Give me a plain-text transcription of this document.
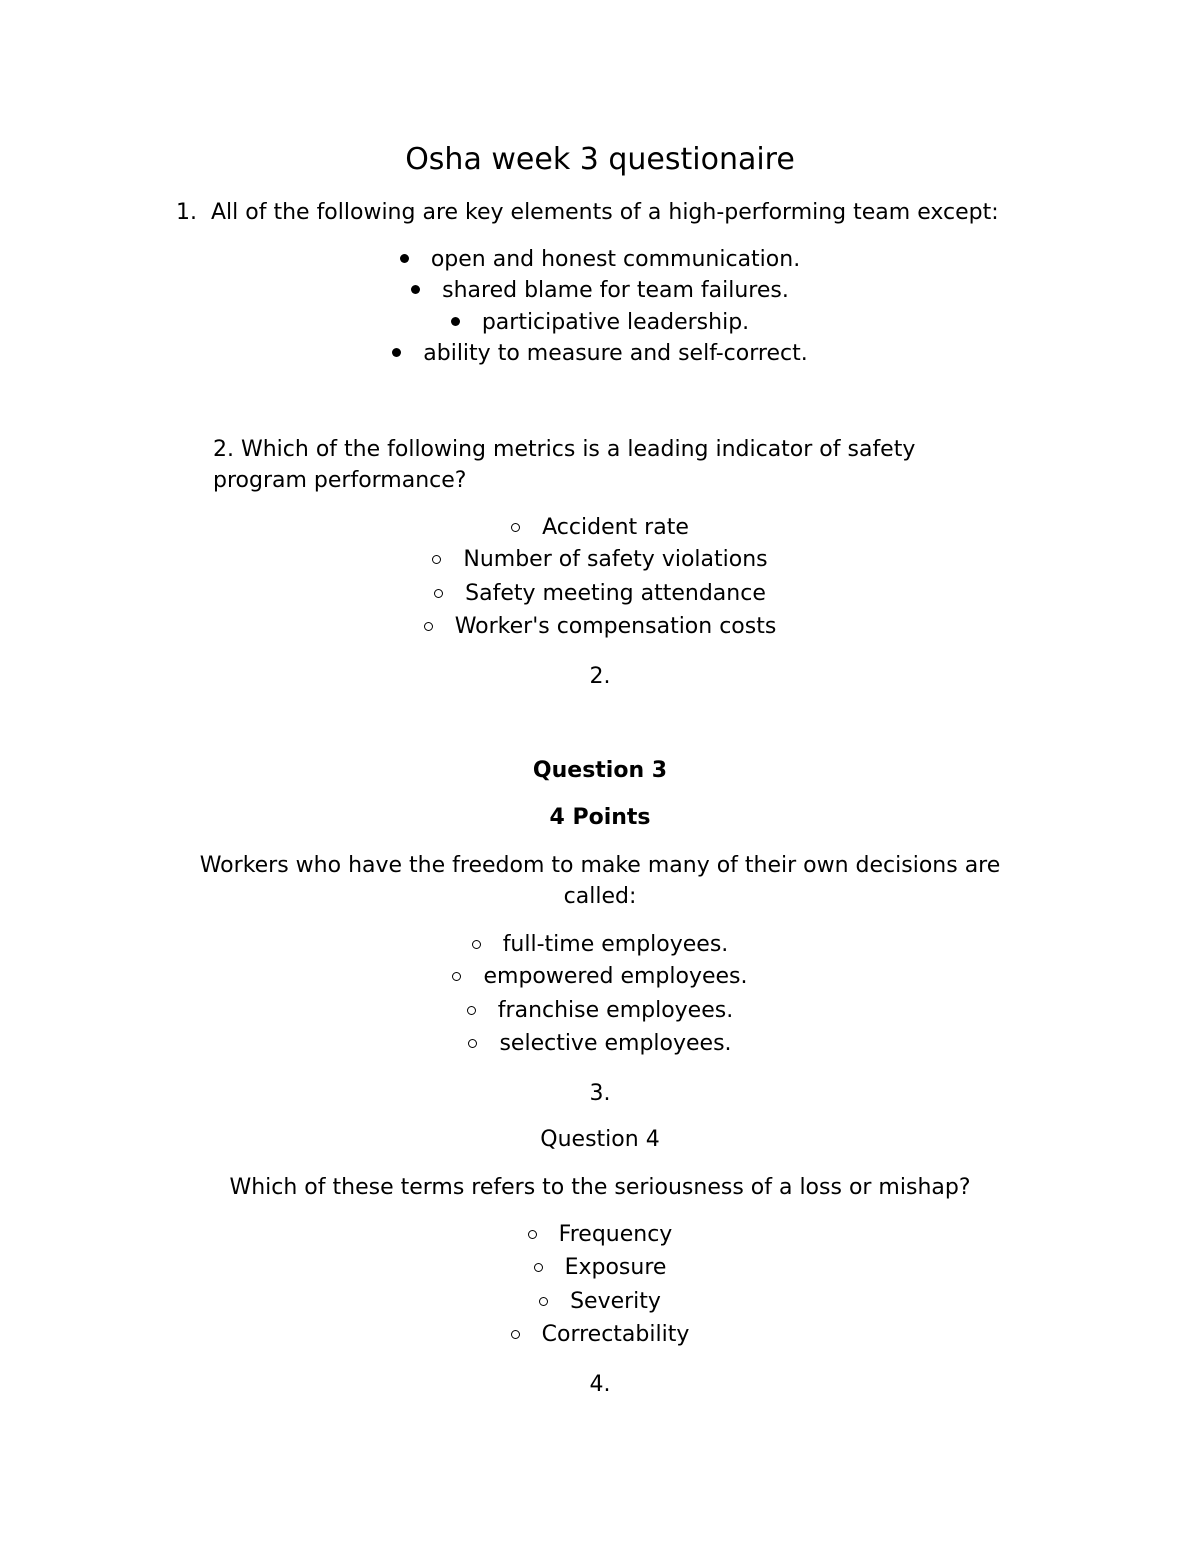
Osha week 3 questionaire
1. All of the following are key elements of a high-performing team except:
open and honest communication.
shared blame for team failures.
participative leadership.
ability to measure and self-correct.
2. Which of the following metrics is a leading indicator of safety
program performance?
Accident rate
Number of safety violations
Safety meeting attendance
Worker's compensation costs
2.
Question 3
4 Points
Workers who have the freedom to make many of their own decisions are
called:
full-time employees.
empowered employees.
franchise employees.
selective employees.
3.
Question 4
Which of these terms refers to the seriousness of a loss or mishap?
Frequency
Exposure
Severity
Correctability
4.
